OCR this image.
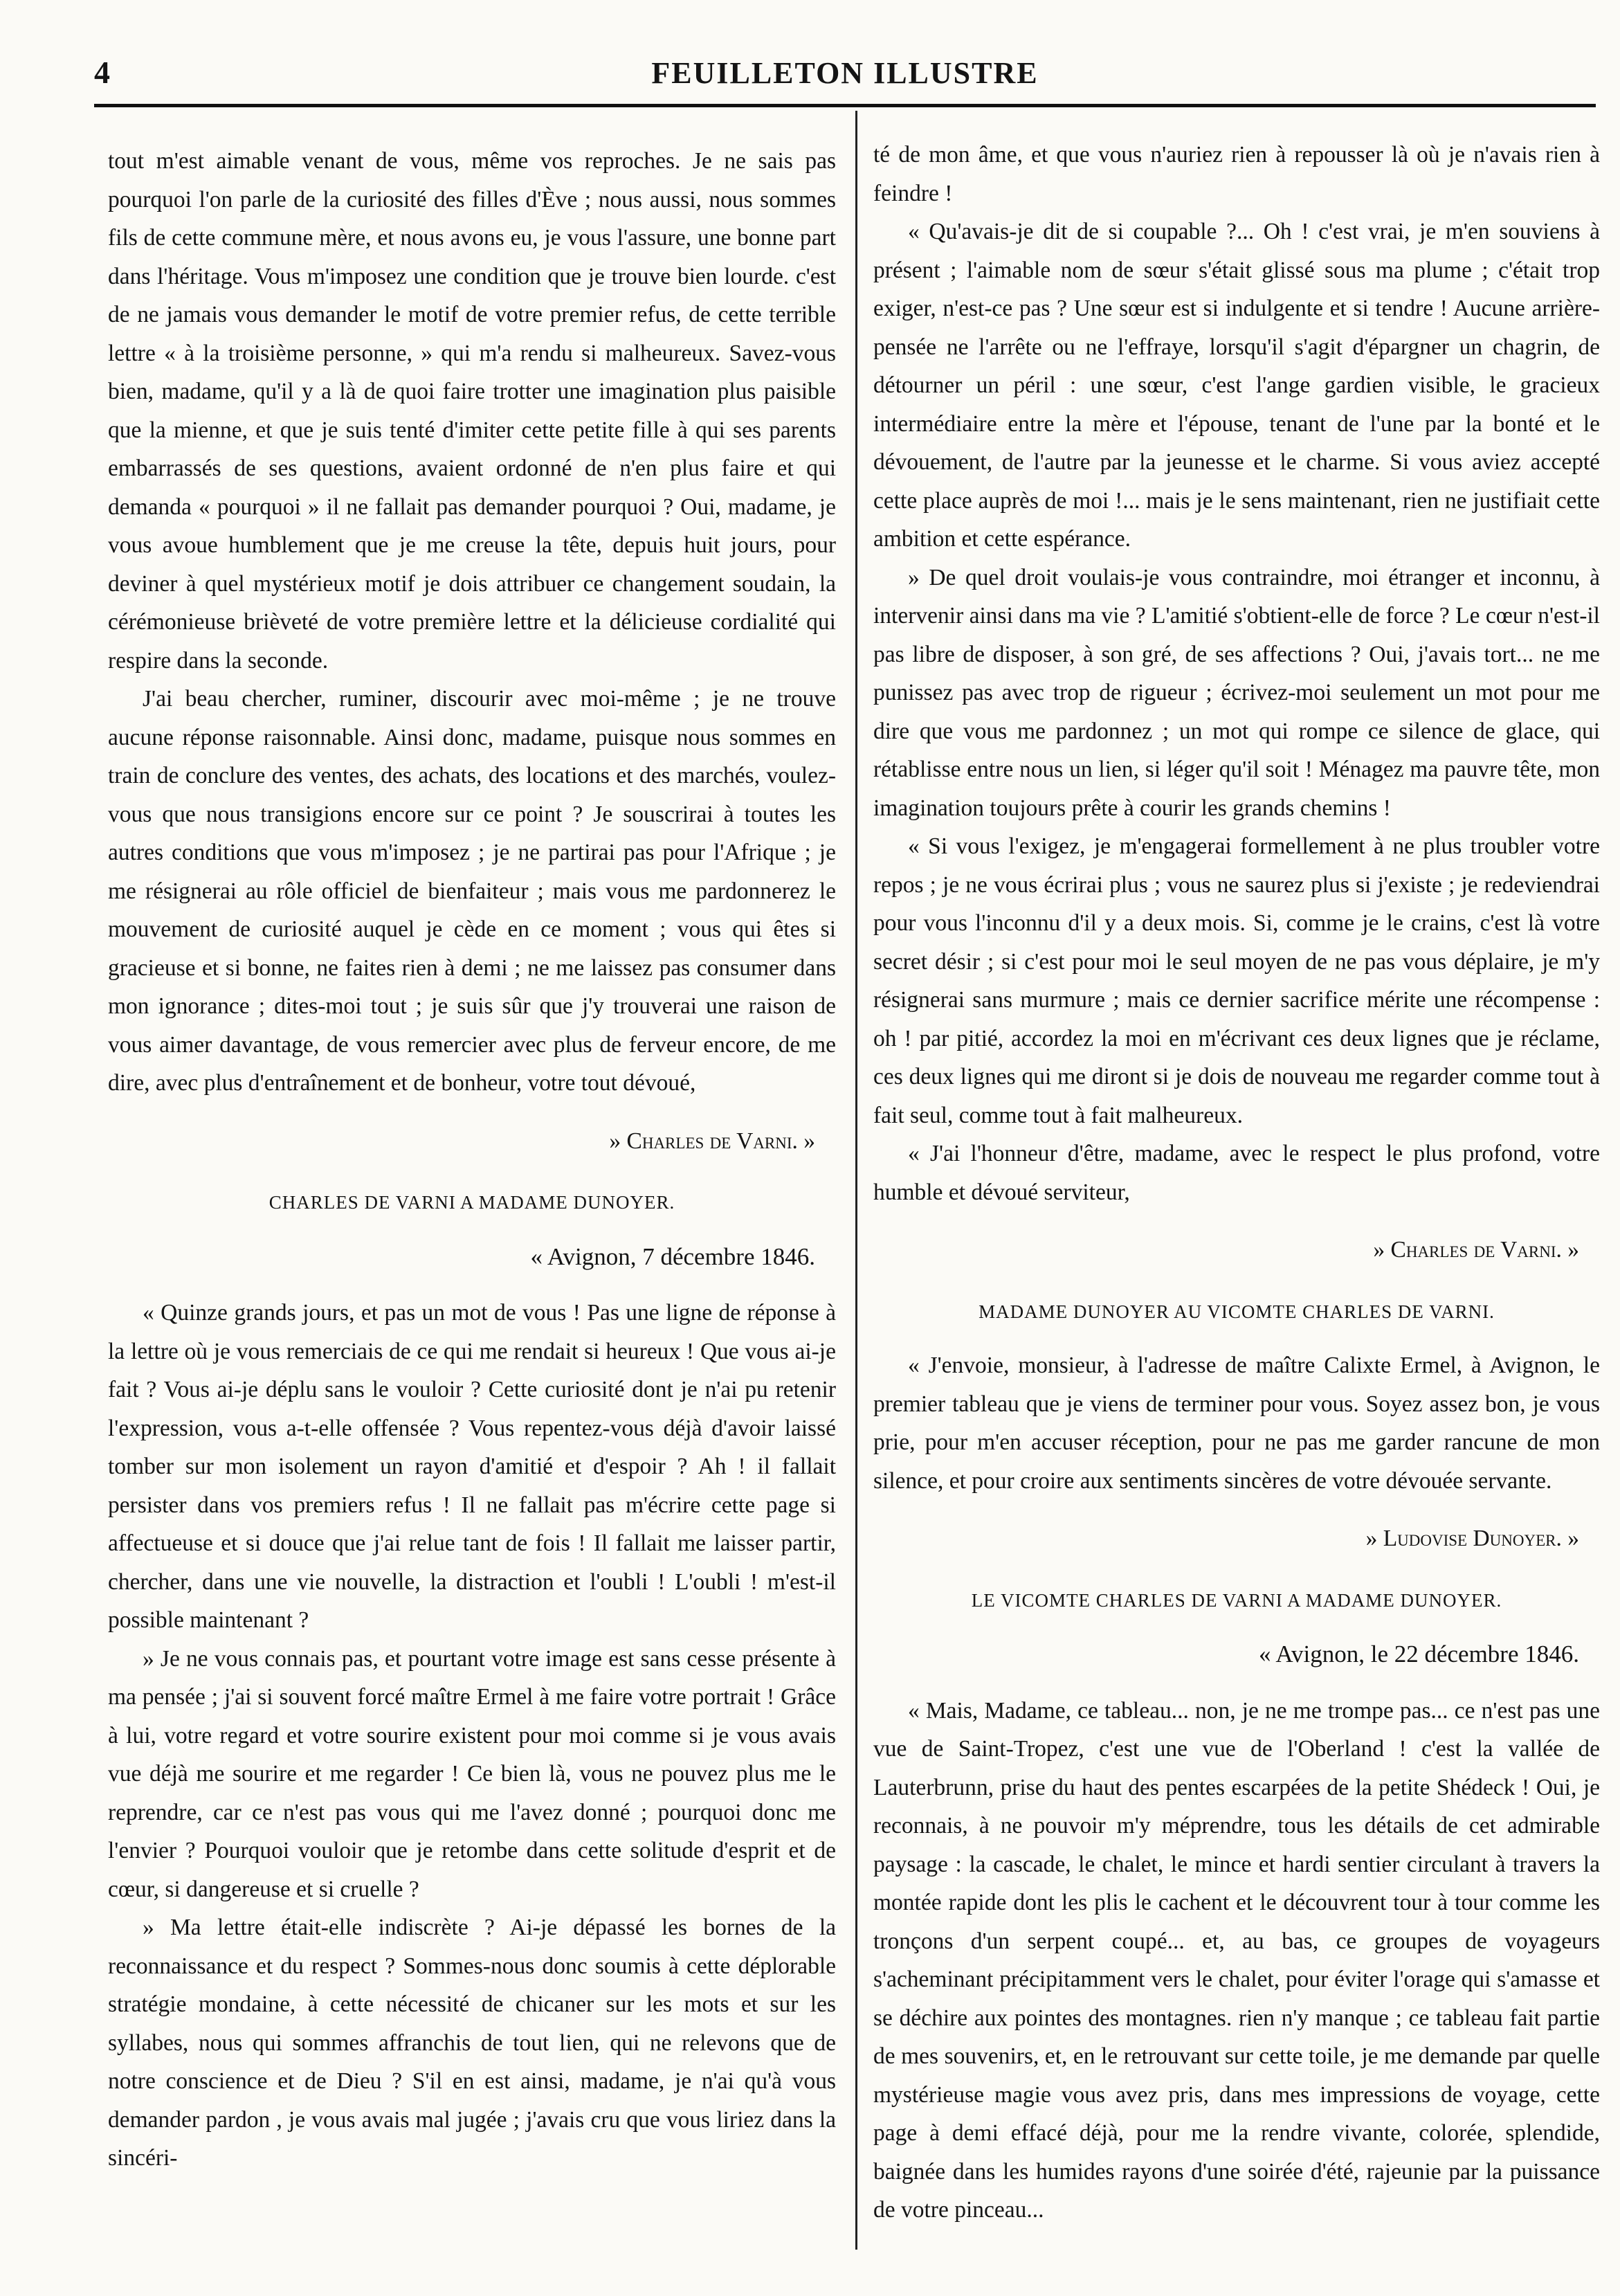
4	FEUILLETON ILLUSTRE

tout m'est aimable venant de vous, même vos reproches. Je ne sais pas pourquoi l'on parle de la curiosité des filles d'Ève ; nous aussi, nous sommes fils de cette commune mère, et nous avons eu, je vous l'assure, une bonne part dans l'héritage. Vous m'imposez une condition que je trouve bien lourde. c'est de ne jamais vous demander le motif de votre premier refus, de cette terrible lettre « à la troisième personne, » qui m'a rendu si malheureux. Savez-vous bien, madame, qu'il y a là de quoi faire trotter une imagination plus paisible que la mienne, et que je suis tenté d'imiter cette petite fille à qui ses parents embarrassés de ses questions, avaient ordonné de n'en plus faire et qui demanda « pourquoi » il ne fallait pas demander pourquoi ? Oui, madame, je vous avoue humblement que je me creuse la tête, depuis huit jours, pour deviner à quel mystérieux motif je dois attribuer ce changement soudain, la cérémonieuse brièveté de votre première lettre et la délicieuse cordialité qui respire dans la seconde.

J'ai beau chercher, ruminer, discourir avec moi-même ; je ne trouve aucune réponse raisonnable. Ainsi donc, madame, puisque nous sommes en train de conclure des ventes, des achats, des locations et des marchés, voulez-vous que nous transigions encore sur ce point ? Je souscrirai à toutes les autres conditions que vous m'imposez ; je ne partirai pas pour l'Afrique ; je me résignerai au rôle officiel de bienfaiteur ; mais vous me pardonnerez le mouvement de curiosité auquel je cède en ce moment ; vous qui êtes si gracieuse et si bonne, ne faites rien à demi ; ne me laissez pas consumer dans mon ignorance ; dites-moi tout ; je suis sûr que j'y trouverai une raison de vous aimer davantage, de vous remercier avec plus de ferveur encore, de me dire, avec plus d'entraînement et de bonheur, votre tout dévoué,

» Charles de Varni. »

CHARLES DE VARNI A MADAME DUNOYER.

« Avignon, 7 décembre 1846.

« Quinze grands jours, et pas un mot de vous ! Pas une ligne de réponse à la lettre où je vous remerciais de ce qui me rendait si heureux ! Que vous ai-je fait ? Vous ai-je déplu sans le vouloir ? Cette curiosité dont je n'ai pu retenir l'expression, vous a-t-elle offensée ? Vous repentez-vous déjà d'avoir laissé tomber sur mon isolement un rayon d'amitié et d'espoir ? Ah ! il fallait persister dans vos premiers refus ! Il ne fallait pas m'écrire cette page si affectueuse et si douce que j'ai relue tant de fois ! Il fallait me laisser partir, chercher, dans une vie nouvelle, la distraction et l'oubli ! L'oubli ! m'est-il possible maintenant ?

» Je ne vous connais pas, et pourtant votre image est sans cesse présente à ma pensée ; j'ai si souvent forcé maître Ermel à me faire votre portrait ! Grâce à lui, votre regard et votre sourire existent pour moi comme si je vous avais vue déjà me sourire et me regarder ! Ce bien là, vous ne pouvez plus me le reprendre, car ce n'est pas vous qui me l'avez donné ; pourquoi donc me l'envier ? Pourquoi vouloir que je retombe dans cette solitude d'esprit et de cœur, si dangereuse et si cruelle ?

» Ma lettre était-elle indiscrète ? Ai-je dépassé les bornes de la reconnaissance et du respect ? Sommes-nous donc soumis à cette déplorable stratégie mondaine, à cette nécessité de chicaner sur les mots et sur les syllabes, nous qui sommes affranchis de tout lien, qui ne relevons que de notre conscience et de Dieu ? S'il en est ainsi, madame, je n'ai qu'à vous demander pardon , je vous avais mal jugée ; j'avais cru que vous liriez dans la sincéri-

té de mon âme, et que vous n'auriez rien à repousser là où je n'avais rien à feindre !

« Qu'avais-je dit de si coupable ?... Oh ! c'est vrai, je m'en souviens à présent ; l'aimable nom de sœur s'était glissé sous ma plume ; c'était trop exiger, n'est-ce pas ? Une sœur est si indulgente et si tendre ! Aucune arrière-pensée ne l'arrête ou ne l'effraye, lorsqu'il s'agit d'épargner un chagrin, de détourner un péril : une sœur, c'est l'ange gardien visible, le gracieux intermédiaire entre la mère et l'épouse, tenant de l'une par la bonté et le dévouement, de l'autre par la jeunesse et le charme. Si vous aviez accepté cette place auprès de moi !... mais je le sens maintenant, rien ne justifiait cette ambition et cette espérance.

» De quel droit voulais-je vous contraindre, moi étranger et inconnu, à intervenir ainsi dans ma vie ? L'amitié s'obtient-elle de force ? Le cœur n'est-il pas libre de disposer, à son gré, de ses affections ? Oui, j'avais tort... ne me punissez pas avec trop de rigueur ; écrivez-moi seulement un mot pour me dire que vous me pardonnez ; un mot qui rompe ce silence de glace, qui rétablisse entre nous un lien, si léger qu'il soit ! Ménagez ma pauvre tête, mon imagination toujours prête à courir les grands chemins !

« Si vous l'exigez, je m'engagerai formellement à ne plus troubler votre repos ; je ne vous écrirai plus ; vous ne saurez plus si j'existe ; je redeviendrai pour vous l'inconnu d'il y a deux mois. Si, comme je le crains, c'est là votre secret désir ; si c'est pour moi le seul moyen de ne pas vous déplaire, je m'y résignerai sans murmure ; mais ce dernier sacrifice mérite une récompense : oh ! par pitié, accordez la moi en m'écrivant ces deux lignes que je réclame, ces deux lignes qui me diront si je dois de nouveau me regarder comme tout à fait seul, comme tout à fait malheureux.

« J'ai l'honneur d'être, madame, avec le respect le plus profond, votre humble et dévoué serviteur,

» Charles de Varni. »

MADAME DUNOYER AU VICOMTE CHARLES DE VARNI.

« J'envoie, monsieur, à l'adresse de maître Calixte Ermel, à Avignon, le premier tableau que je viens de terminer pour vous. Soyez assez bon, je vous prie, pour m'en accuser réception, pour ne pas me garder rancune de mon silence, et pour croire aux sentiments sincères de votre dévouée servante.

» Ludovise Dunoyer. »

LE VICOMTE CHARLES DE VARNI A MADAME DUNOYER.

« Avignon, le 22 décembre 1846.

« Mais, Madame, ce tableau... non, je ne me trompe pas... ce n'est pas une vue de Saint-Tropez, c'est une vue de l'Oberland ! c'est la vallée de Lauterbrunn, prise du haut des pentes escarpées de la petite Shédeck ! Oui, je reconnais, à ne pouvoir m'y méprendre, tous les détails de cet admirable paysage : la cascade, le chalet, le mince et hardi sentier circulant à travers la montée rapide dont les plis le cachent et le découvrent tour à tour comme les tronçons d'un serpent coupé... et, au bas, ce groupes de voyageurs s'acheminant précipitamment vers le chalet, pour éviter l'orage qui s'amasse et se déchire aux pointes des montagnes. rien n'y manque ; ce tableau fait partie de mes souvenirs, et, en le retrouvant sur cette toile, je me demande par quelle mystérieuse magie vous avez pris, dans mes impressions de voyage, cette page à demi effacé déjà, pour me la rendre vivante, colorée, splendide, baignée dans les humides rayons d'une soirée d'été, rajeunie par la puissance de votre pinceau...
